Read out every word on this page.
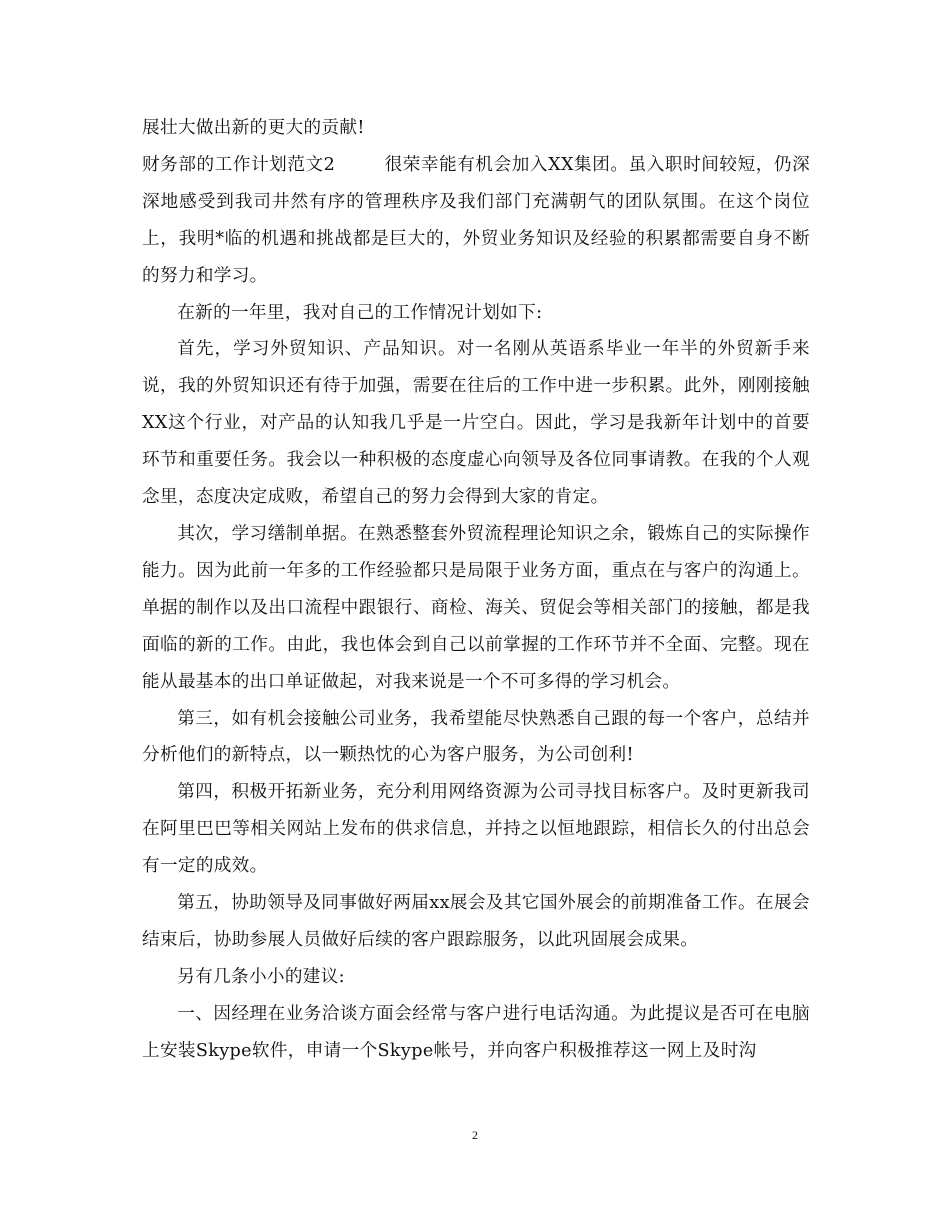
展壮大做出新的更大的贡献!

财务部的工作计划范文2	很荣幸能有机会加入XX集团。虽入职时间较短，仍深深地感受到我司井然有序的管理秩序及我们部门充满朝气的团队氛围。在这个岗位上，我明*临的机遇和挑战都是巨大的，外贸业务知识及经验的积累都需要自身不断的努力和学习。

在新的一年里，我对自己的工作情况计划如下:

首先，学习外贸知识、产品知识。对一名刚从英语系毕业一年半的外贸新手来说，我的外贸知识还有待于加强，需要在往后的工作中进一步积累。此外，刚刚接触XX这个行业，对产品的认知我几乎是一片空白。因此，学习是我新年计划中的首要环节和重要任务。我会以一种积极的态度虚心向领导及各位同事请教。在我的个人观念里，态度决定成败，希望自己的努力会得到大家的肯定。

其次，学习缮制单据。在熟悉整套外贸流程理论知识之余，锻炼自己的实际操作能力。因为此前一年多的工作经验都只是局限于业务方面，重点在与客户的沟通上。单据的制作以及出口流程中跟银行、商检、海关、贸促会等相关部门的接触，都是我面临的新的工作。由此，我也体会到自己以前掌握的工作环节并不全面、完整。现在能从最基本的出口单证做起，对我来说是一个不可多得的学习机会。

第三，如有机会接触公司业务，我希望能尽快熟悉自己跟的每一个客户，总结并分析他们的新特点，以一颗热忱的心为客户服务，为公司创利!

第四，积极开拓新业务，充分利用网络资源为公司寻找目标客户。及时更新我司在阿里巴巴等相关网站上发布的供求信息，并持之以恒地跟踪，相信长久的付出总会有一定的成效。

第五，协助领导及同事做好两届xx展会及其它国外展会的前期准备工作。在展会结束后，协助参展人员做好后续的客户跟踪服务，以此巩固展会成果。

另有几条小小的建议:

一、因经理在业务洽谈方面会经常与客户进行电话沟通。为此提议是否可在电脑上安装Skype软件，申请一个Skype帐号，并向客户积极推荐这一网上及时沟

2
